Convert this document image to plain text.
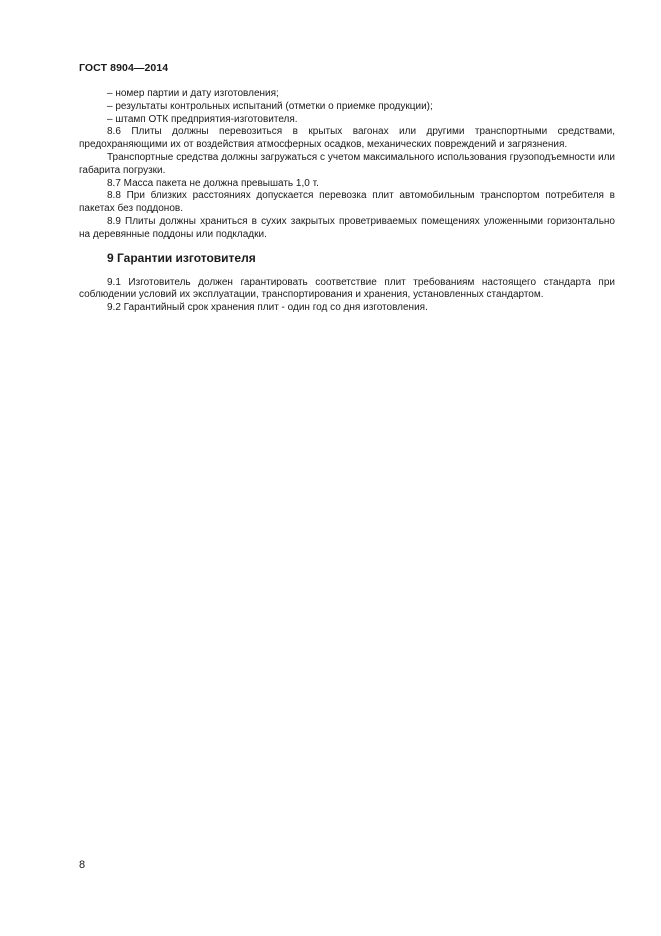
ГОСТ 8904—2014

– номер партии и дату изготовления;

– результаты контрольных испытаний (отметки о приемке продукции);

– штамп ОТК предприятия-изготовителя.

8.6 Плиты должны перевозиться в крытых вагонах или другими транспортными средствами, предохраняющими их от воздействия атмосферных осадков, механических повреждений и загрязнения.

Транспортные средства должны загружаться с учетом максимального использования грузоподъемности или габарита погрузки.

8.7 Масса пакета не должна превышать 1,0 т.

8.8 При близких расстояниях допускается перевозка плит автомобильным транспортом потребителя в пакетах без поддонов.

8.9 Плиты должны храниться в сухих закрытых проветриваемых помещениях уложенными горизонтально на деревянные поддоны или подкладки.

9 Гарантии изготовителя

9.1 Изготовитель должен гарантировать соответствие плит требованиям настоящего стандарта при соблюдении условий их эксплуатации, транспортирования и хранения, установленных стандартом.

9.2 Гарантийный срок хранения плит - один год со дня изготовления.

8
